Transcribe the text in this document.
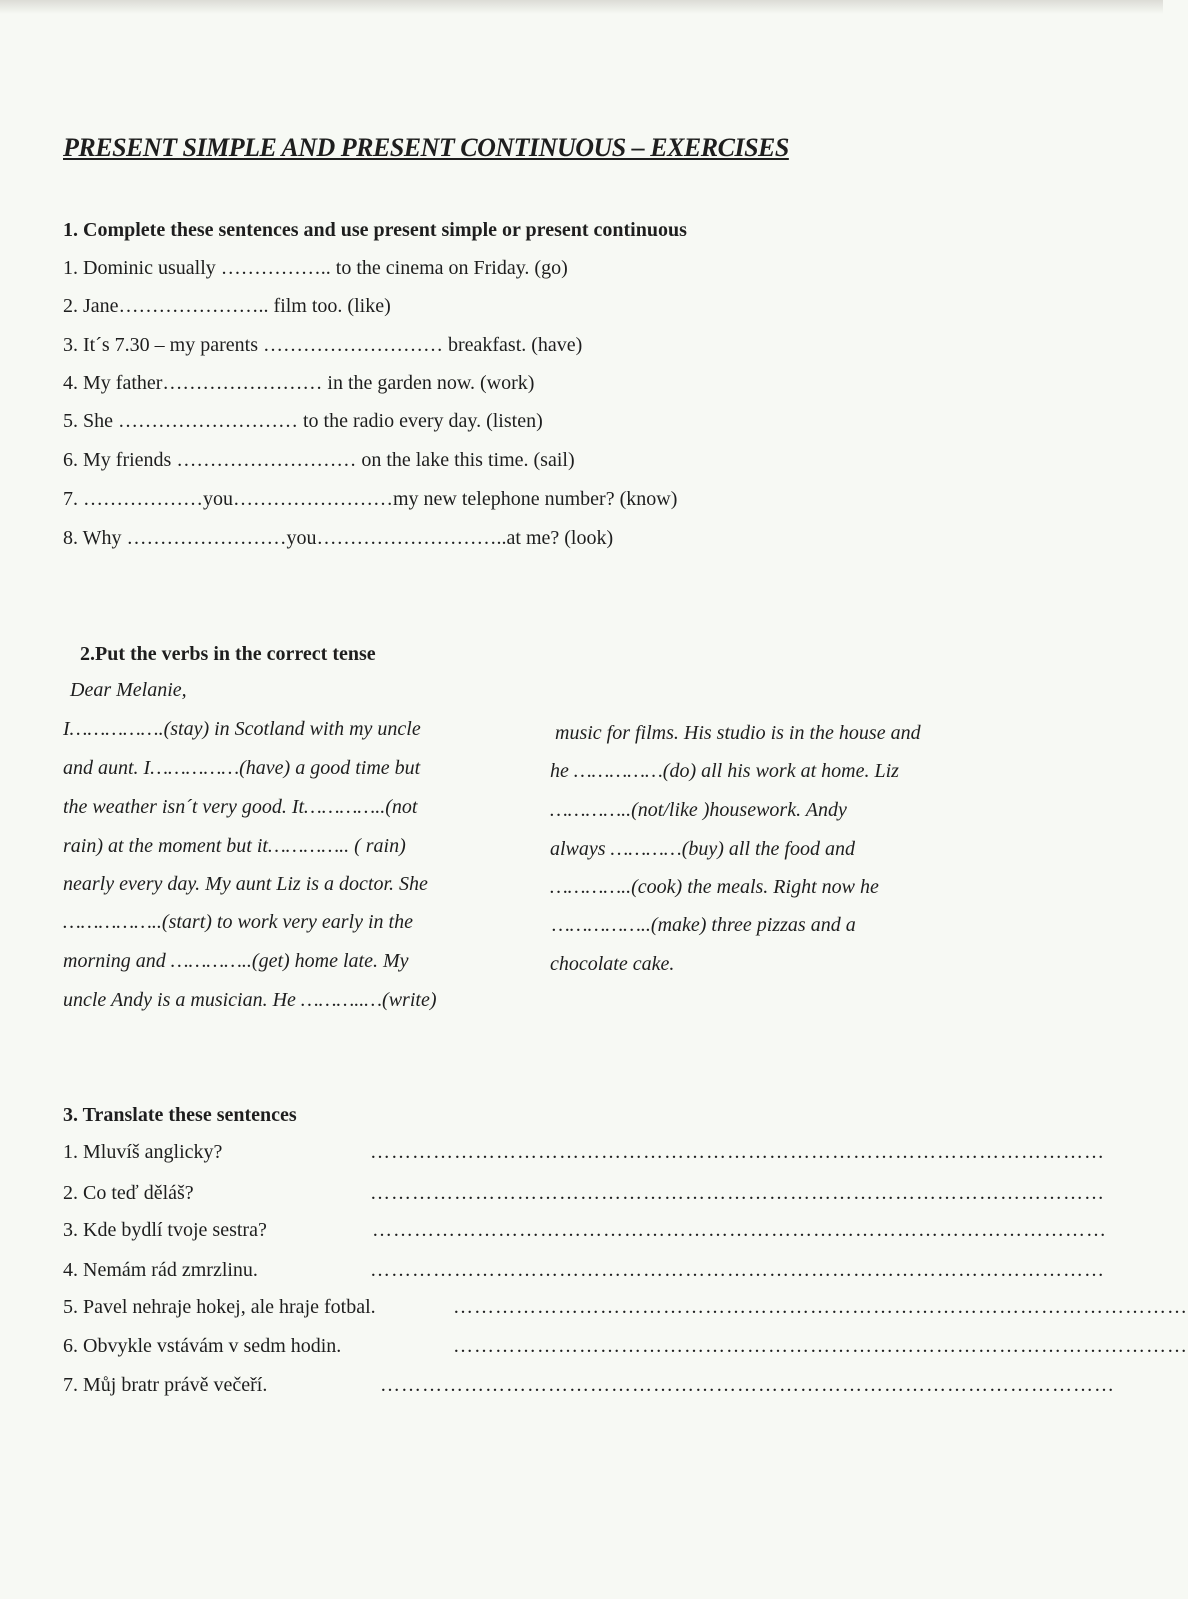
PRESENT SIMPLE AND PRESENT CONTINUOUS – EXERCISES
1. Complete these sentences and use present simple or present continuous
1. Dominic usually …………….. to the cinema on Friday. (go)
2. Jane………………….. film too. (like)
3. It´s 7.30 – my parents ……………………… breakfast. (have)
4. My father…………………… in the garden now. (work)
5. She ……………………… to the radio every day. (listen)
6. My friends ……………………… on the lake this time. (sail)
7. ………………you……………………my new telephone number? (know)
8. Why ……………………you………………………..at me? (look)
2.Put the verbs in the correct tense
Dear Melanie,
I…………….(stay) in Scotland with my uncle
and aunt. I……………(have) a good time but
the weather isn´t very good. It…………..(not
rain) at the moment but it………….. ( rain)
nearly every day. My aunt Liz is a doctor. She
……………..(start) to work very early in the
morning and …………..(get) home late. My
uncle Andy is a musician. He ………..…(write)
music for films. His studio is in the house and
he ……………(do) all his work at home. Liz
…………..(not/like )housework. Andy
always …………(buy) all the food and
…………..(cook) the meals. Right now he
……………..(make) three pizzas and a
chocolate cake.
3. Translate these sentences
1. Mluvíš anglicky?	……………………………………………………………………………………………
2. Co teď děláš?	……………………………………………………………………………………………
3. Kde bydlí tvoje sestra?	……………………………………………………………………………………………
4. Nemám rád zmrzlinu.	……………………………………………………………………………………………
5. Pavel nehraje hokej, ale hraje fotbal.	……………………………………………………………………………………………
6. Obvykle vstávám v sedm hodin.	……………………………………………………………………………………………
7. Můj bratr právě večeří.	……………………………………………………………………………………………
